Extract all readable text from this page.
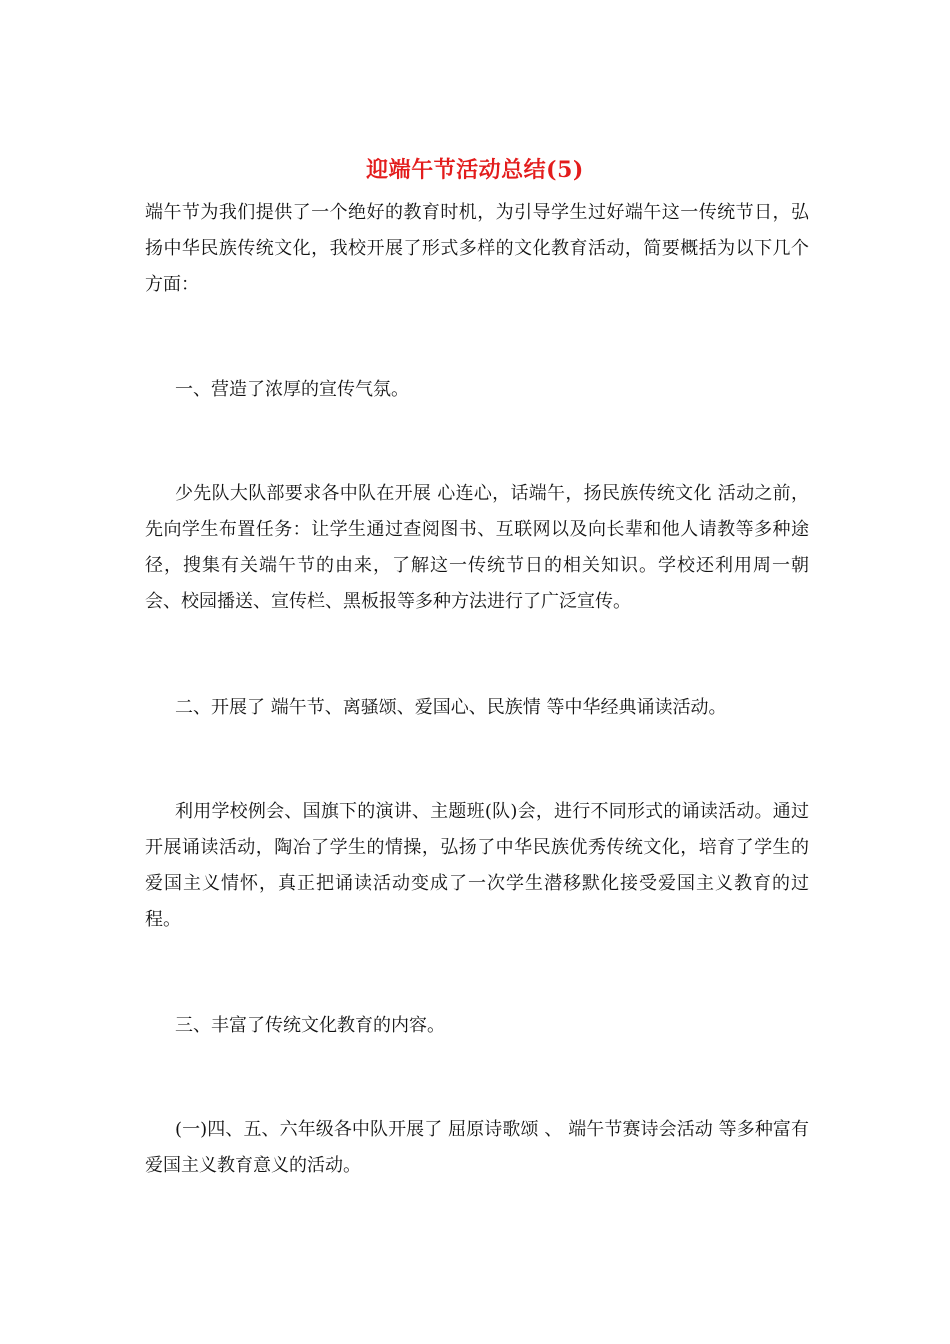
迎端午节活动总结(5)

端午节为我们提供了一个绝好的教育时机，为引导学生过好端午这一传统节日，弘扬中华民族传统文化，我校开展了形式多样的文化教育活动，简要概括为以下几个方面：

一、营造了浓厚的宣传气氛。

少先队大队部要求各中队在开展 心连心，话端午，扬民族传统文化 活动之前，先向学生布置任务：让学生通过查阅图书、互联网以及向长辈和他人请教等多种途径，搜集有关端午节的由来，了解这一传统节日的相关知识。学校还利用周一朝会、校园播送、宣传栏、黑板报等多种方法进行了广泛宣传。

二、开展了 端午节、离骚颂、爱国心、民族情 等中华经典诵读活动。

利用学校例会、国旗下的演讲、主题班(队)会，进行不同形式的诵读活动。通过开展诵读活动，陶冶了学生的情操，弘扬了中华民族优秀传统文化，培育了学生的爱国主义情怀，真正把诵读活动变成了一次学生潜移默化接受爱国主义教育的过程。

三、丰富了传统文化教育的内容。

(一)四、五、六年级各中队开展了 屈原诗歌颂 、 端午节赛诗会活动 等多种富有爱国主义教育意义的活动。
